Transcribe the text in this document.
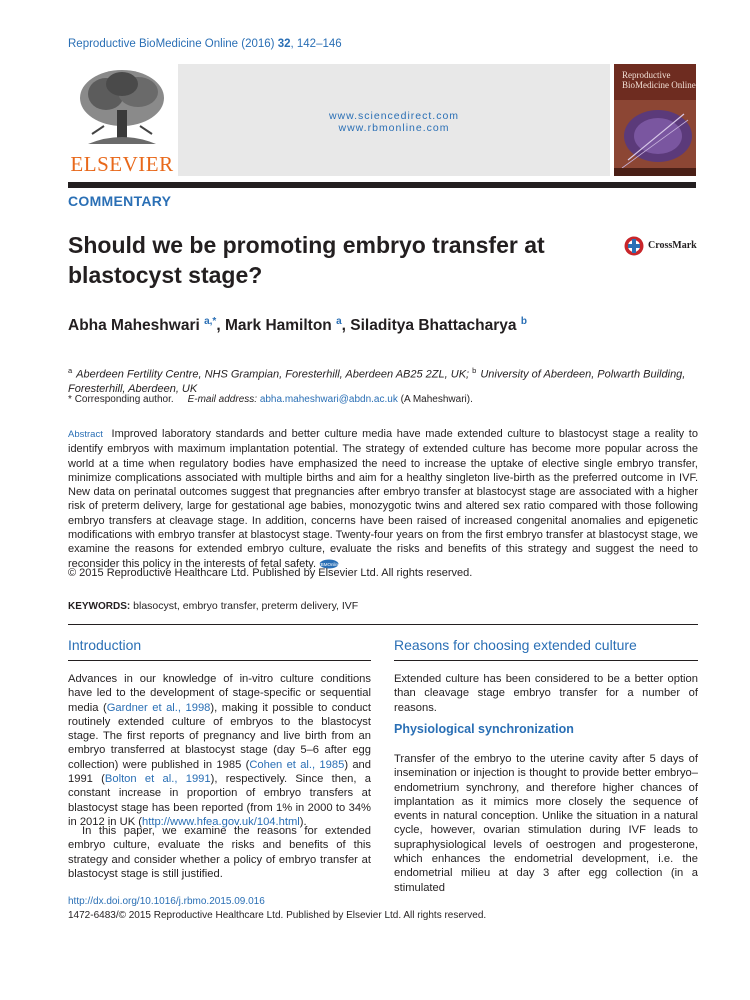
Reproductive BioMedicine Online (2016) 32, 142–146
ELSEVIER
www.sciencedirect.com
www.rbmonline.com
Reproductive BioMedicine Online
COMMENTARY
Should we be promoting embryo transfer at blastocyst stage?
CrossMark
Abha Maheshwari $^{a,*}$, Mark Hamilton $^a$, Siladitya Bhattacharya $^b$
$^a$ Aberdeen Fertility Centre, NHS Grampian, Foresterhill, Aberdeen AB25 2ZL, UK; $^b$ University of Aberdeen, Polwarth Building, Foresterhill, Aberdeen, UK
* Corresponding author. E-mail address: abha.maheshwari@abdn.ac.uk (A Maheshwari).
Abstract Improved laboratory standards and better culture media have made extended culture to blastocyst stage a reality to identify embryos with maximum implantation potential. The strategy of extended culture has become more popular across the world at a time when regulatory bodies have emphasized the need to increase the uptake of elective single embryo transfer, minimize complications associated with multiple births and aim for a healthy singleton live-birth as the preferred outcome in IVF. New data on perinatal outcomes suggest that pregnancies after embryo transfer at blastocyst stage are associated with a higher risk of preterm delivery, large for gestational age babies, monozygotic twins and altered sex ratio compared with those following embryo transfers at cleavage stage. In addition, concerns have been raised of increased congenital anomalies and epigenetic modifications with embryo transfer at blastocyst stage. Twenty-four years on from the first embryo transfer at blastocyst stage, we examine the reasons for extended embryo culture, evaluate the risks and benefits of this strategy and suggest the need to reconsider this policy in the interests of fetal safety. RBMOnline
© 2015 Reproductive Healthcare Ltd. Published by Elsevier Ltd. All rights reserved.
KEYWORDS: blasocyst, embryo transfer, preterm delivery, IVF
Introduction	Reasons for choosing extended culture
Advances in our knowledge of in-vitro culture conditions have led to the development of stage-specific or sequential media (Gardner et al., 1998), making it possible to conduct routinely extended culture of embryos to the blastocyst stage. The first reports of pregnancy and live birth from an embryo transferred at blastocyst stage (day 5–6 after egg collection) were published in 1985 (Cohen et al., 1985) and 1991 (Bolton et al., 1991), respectively. Since then, a constant increase in proportion of embryo transfers at blastocyst stage has been reported (from 1% in 2000 to 34% in 2012 in UK (http://www.hfea.gov.uk/104.html).
In this paper, we examine the reasons for extended embryo culture, evaluate the risks and benefits of this strategy and consider whether a policy of embryo transfer at blastocyst stage is still justified.
Extended culture has been considered to be a better option than cleavage stage embryo transfer for a number of reasons.
Physiological synchronization
Transfer of the embryo to the uterine cavity after 5 days of insemination or injection is thought to provide better embryo–endometrium synchrony, and therefore higher chances of implantation as it mimics more closely the sequence of events in natural conception. Unlike the situation in a natural cycle, however, ovarian stimulation during IVF leads to supraphysiological levels of oestrogen and progesterone, which enhances the endometrial development, i.e. the endometrial milieu at day 3 after egg collection (in a stimulated
http://dx.doi.org/10.1016/j.rbmo.2015.09.016
1472-6483/© 2015 Reproductive Healthcare Ltd. Published by Elsevier Ltd. All rights reserved.
